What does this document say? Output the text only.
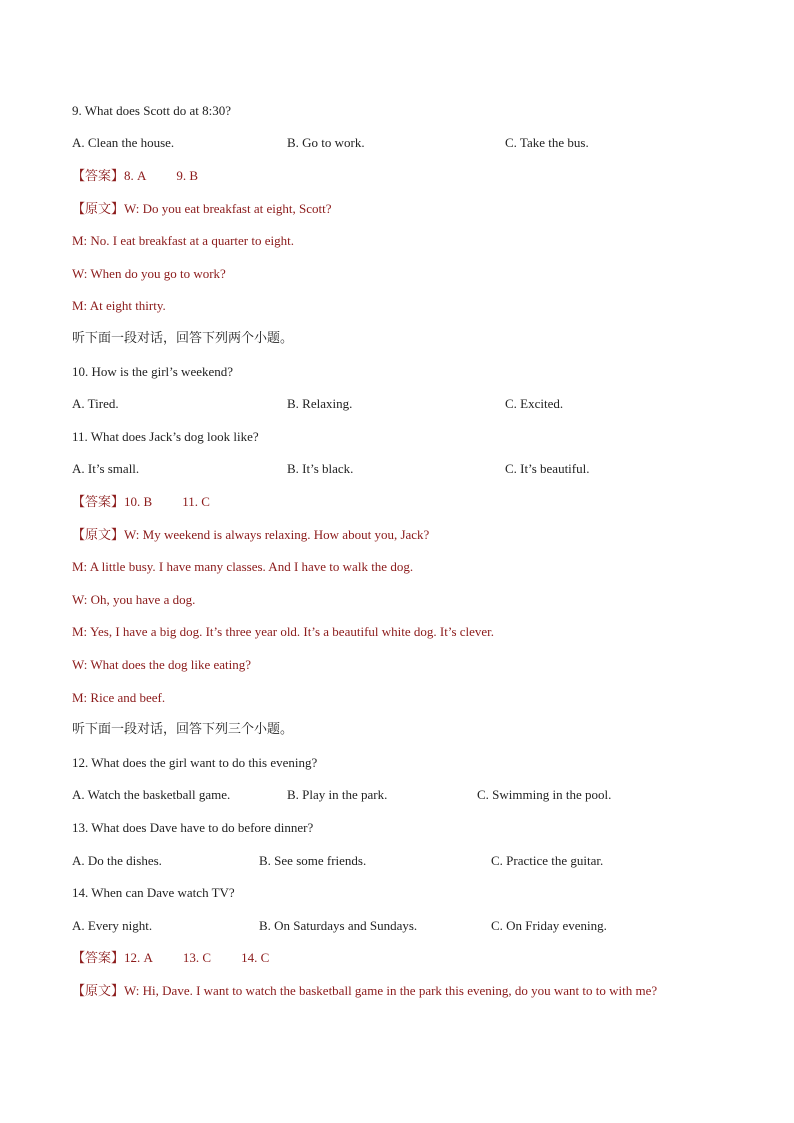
9. What does Scott do at 8:30?
A. Clean the house.	B. Go to work.	C. Take the bus.
【答案】8. A 9. B
【原文】W: Do you eat breakfast at eight, Scott?
M: No. I eat breakfast at a quarter to eight.
W: When do you go to work?
M: At eight thirty.
听下面一段对话，回答下列两个小题。
10. How is the girl’s weekend?
A. Tired.	B. Relaxing.	C. Excited.
11. What does Jack’s dog look like?
A. It’s small.	B. It’s black.	C. It’s beautiful.
【答案】10. B 11. C
【原文】W: My weekend is always relaxing. How about you, Jack?
M: A little busy. I have many classes. And I have to walk the dog.
W: Oh, you have a dog.
M: Yes, I have a big dog. It’s three year old. It’s a beautiful white dog. It’s clever.
W: What does the dog like eating?
M: Rice and beef.
听下面一段对话，回答下列三个小题。
12. What does the girl want to do this evening?
A. Watch the basketball game.	B. Play in the park.	C. Swimming in the pool.
13. What does Dave have to do before dinner?
A. Do the dishes.	B. See some friends.	C. Practice the guitar.
14. When can Dave watch TV?
A. Every night.	B. On Saturdays and Sundays.	C. On Friday evening.
【答案】12. A 13. C 14. C
【原文】W: Hi, Dave. I want to watch the basketball game in the park this evening, do you want to to with me?
